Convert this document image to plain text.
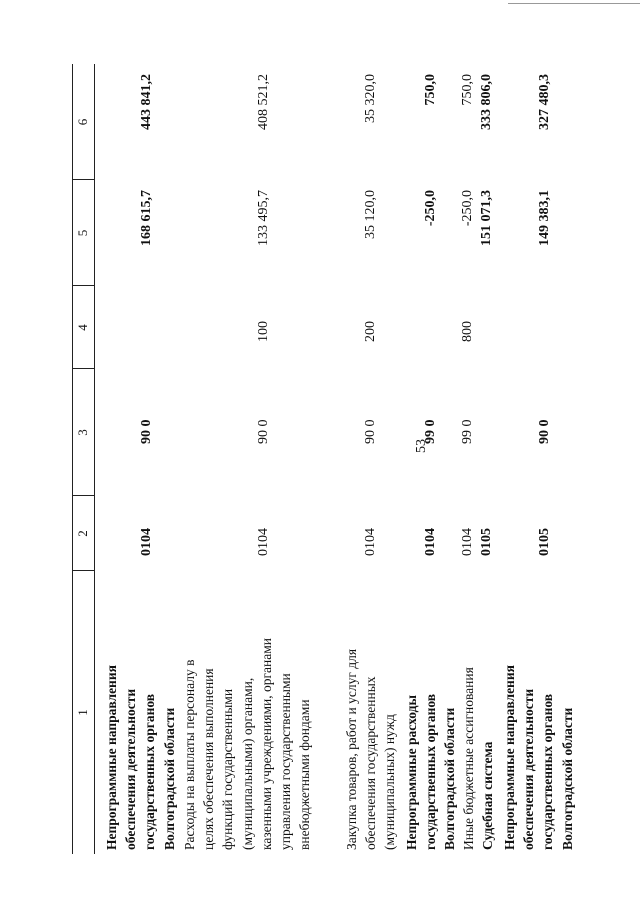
53
1
2
3
4
5
6
Непрограммные направления
обеспечения деятельности
государственных органов
Волгоградской области
0104
90 0
168 615,7
443 841,2
Расходы на выплаты персоналу в
целях обеспечения выполнения
функций государственными
(муниципальными) органами,
казенными учреждениями, органами
управления государственными
внебюджетными фондами
0104
90 0
100
133 495,7
408 521,2
Закупка товаров, работ и услуг для
обеспечения государственных
(муниципальных) нужд
0104
90 0
200
35 120,0
35 320,0
Непрограммные расходы
государственных органов
Волгоградской области
0104
99 0
-250,0
750,0
Иные бюджетные ассигнования
0104
99 0
800
-250,0
750,0
Судебная система
0105
151 071,3
333 806,0
Непрограммные направления
обеспечения деятельности
государственных органов
Волгоградской области
0105
90 0
149 383,1
327 480,3
